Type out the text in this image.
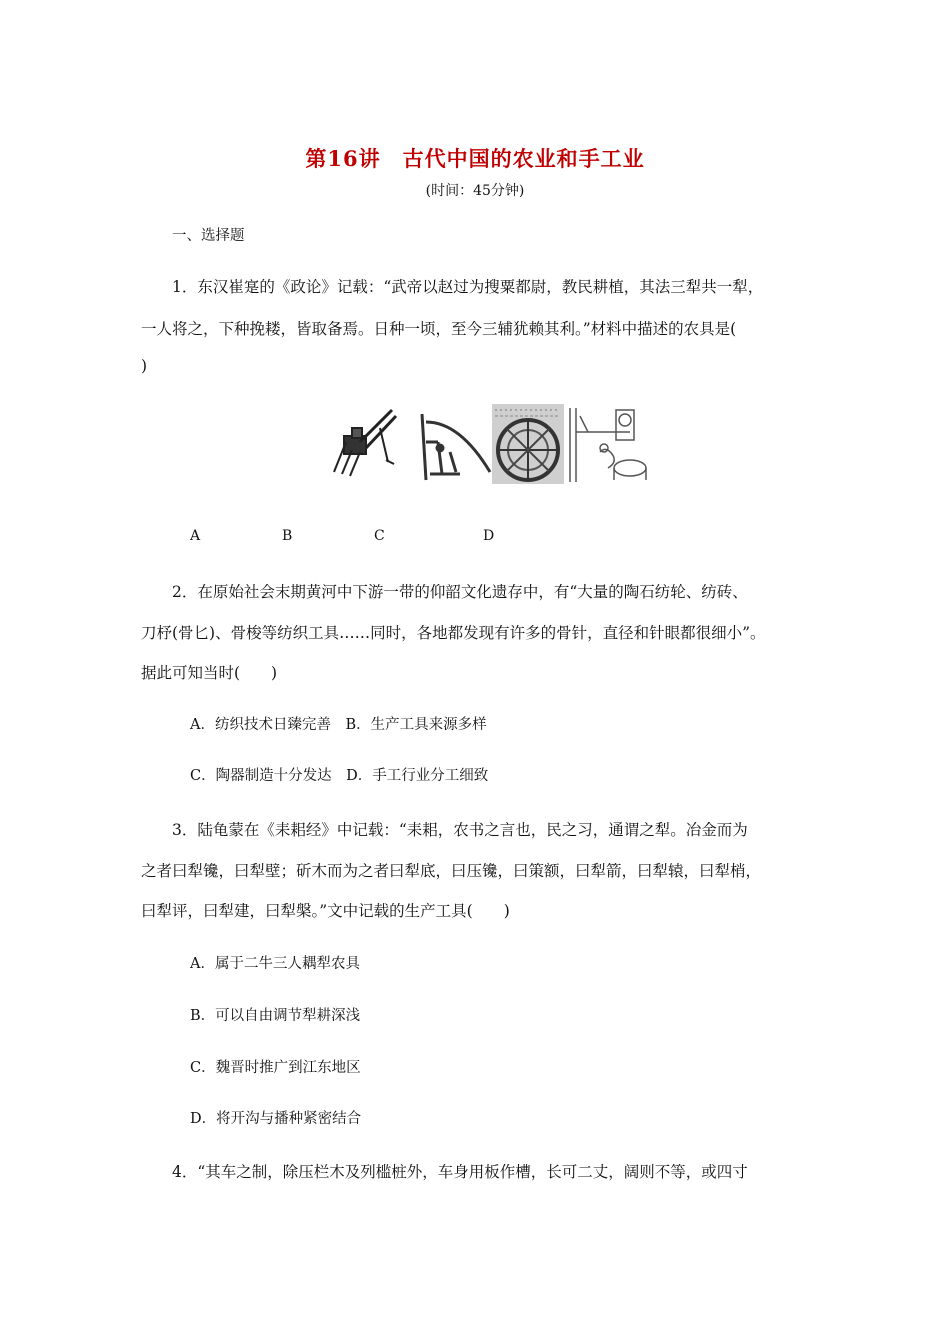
第16讲　古代中国的农业和手工业
(时间：45分钟)
一、选择题
1．东汉崔寔的《政论》记载：“武帝以赵过为搜粟都尉，教民耕植，其法三犁共一犁，
一人将之，下种挽耧，皆取备焉。日种一顷，至今三辅犹赖其利。”材料中描述的农具是(
)
A	B	C	D
2．在原始社会末期黄河中下游一带的仰韶文化遗存中，有“大量的陶石纺轮、纺砖、
刀杼(骨匕)、骨梭等纺织工具……同时，各地都发现有许多的骨针，直径和针眼都很细小”。
据此可知当时(　　)
A．纺织技术日臻完善　B．生产工具来源多样
C．陶器制造十分发达　D．手工行业分工细致
3．陆龟蒙在《耒耜经》中记载：“耒耜，农书之言也，民之习，通谓之犁。冶金而为
之者曰犁镵，曰犁壁；斫木而为之者曰犁底，曰压镵，曰策额，曰犁箭，曰犁辕，曰犁梢，
曰犁评，曰犁建，曰犁槃。”文中记载的生产工具(　　)
A．属于二牛三人耦犁农具
B．可以自由调节犁耕深浅
C．魏晋时推广到江东地区
D．将开沟与播种紧密结合
4．“其车之制，除压栏木及列槛桩外，车身用板作槽，长可二丈，阔则不等，或四寸
